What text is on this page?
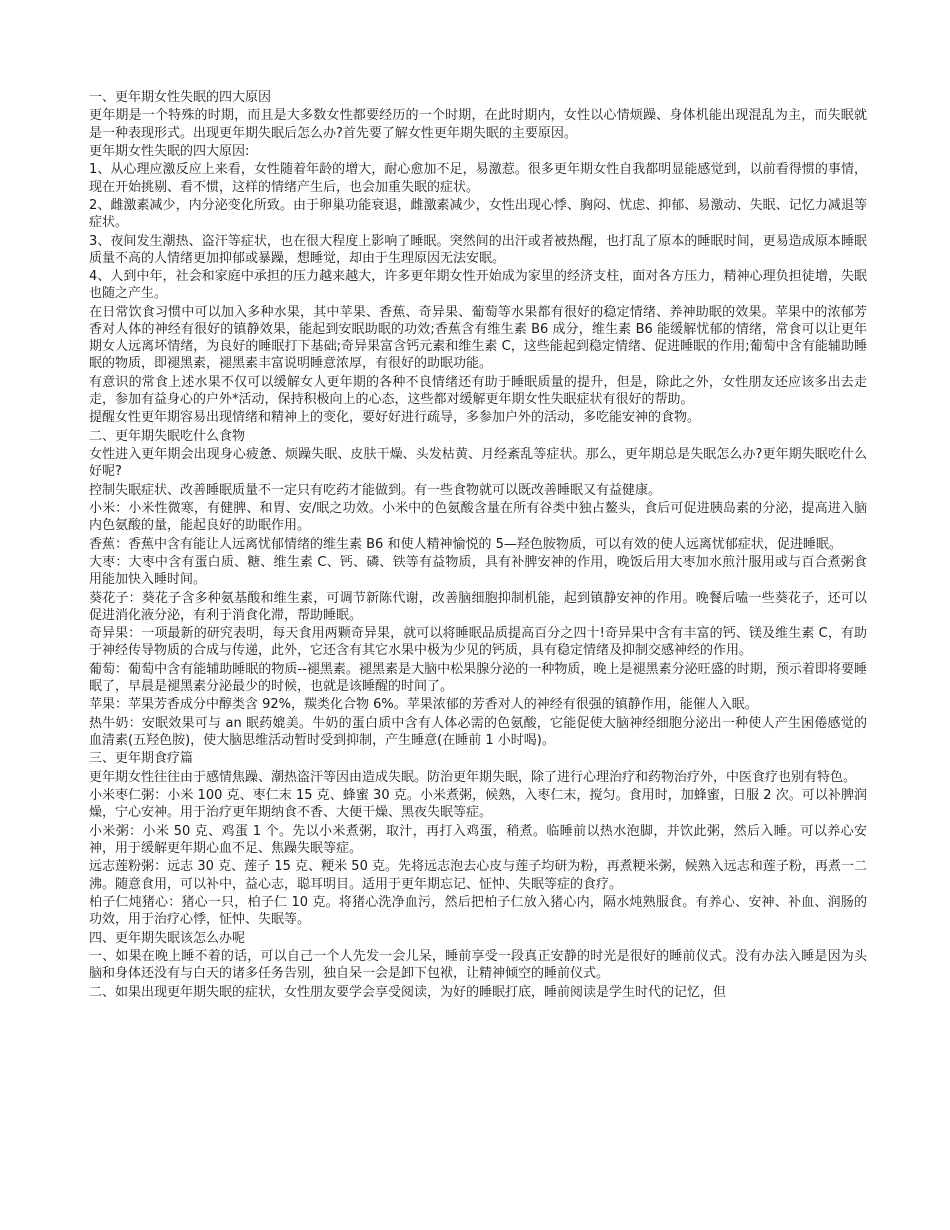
一、更年期女性失眠的四大原因

更年期是一个特殊的时期，而且是大多数女性都要经历的一个时期，在此时期内，女性以心情烦躁、身体机能出现混乱为主，而失眠就是一种表现形式。出现更年期失眠后怎么办?首先要了解女性更年期失眠的主要原因。

更年期女性失眠的四大原因:

1、从心理应激反应上来看，女性随着年龄的增大，耐心愈加不足，易激惹。很多更年期女性自我都明显能感觉到，以前看得惯的事情，现在开始挑剔、看不惯，这样的情绪产生后，也会加重失眠的症状。

2、雌激素减少，内分泌变化所致。由于卵巢功能衰退，雌激素减少，女性出现心悸、胸闷、忧虑、抑郁、易激动、失眠、记忆力减退等症状。

3、夜间发生潮热、盗汗等症状，也在很大程度上影响了睡眠。突然间的出汗或者被热醒，也打乱了原本的睡眠时间，更易造成原本睡眠质量不高的人情绪更加抑郁或暴躁，想睡觉，却由于生理原因无法安眠。

4、人到中年，社会和家庭中承担的压力越来越大，许多更年期女性开始成为家里的经济支柱，面对各方压力，精神心理负担徒增，失眠也随之产生。

在日常饮食习惯中可以加入多种水果，其中苹果、香蕉、奇异果、葡萄等水果都有很好的稳定情绪、养神助眠的效果。苹果中的浓郁芳香对人体的神经有很好的镇静效果，能起到安眠助眠的功效;香蕉含有维生素 B6 成分，维生素 B6 能缓解忧郁的情绪，常食可以让更年期女人远离坏情绪，为良好的睡眠打下基础;奇异果富含钙元素和维生素 C，这些能起到稳定情绪、促进睡眠的作用;葡萄中含有能辅助睡眠的物质，即褪黑素，褪黑素丰富说明睡意浓厚，有很好的助眠功能。

有意识的常食上述水果不仅可以缓解女人更年期的各种不良情绪还有助于睡眠质量的提升，但是，除此之外，女性朋友还应该多出去走走，参加有益身心的户外*活动，保持积极向上的心态，这些都对缓解更年期女性失眠症状有很好的帮助。

提醒女性更年期容易出现情绪和精神上的变化，要好好进行疏导，多参加户外的活动，多吃能安神的食物。

二、更年期失眠吃什么食物

女性进入更年期会出现身心疲惫、烦躁失眠、皮肤干燥、头发枯黄、月经紊乱等症状。那么，更年期总是失眠怎么办?更年期失眠吃什么好呢?

控制失眠症状、改善睡眠质量不一定只有吃药才能做到。有一些食物就可以既改善睡眠又有益健康。

小米：小米性微寒，有健脾、和胃、安/眠之功效。小米中的色氨酸含量在所有谷类中独占鳌头，食后可促进胰岛素的分泌，提高进入脑内色氨酸的量，能起良好的助眠作用。

香蕉：香蕉中含有能让人远离忧郁情绪的维生素 B6 和使人精神愉悦的 5—羟色胺物质，可以有效的使人远离忧郁症状，促进睡眠。

大枣：大枣中含有蛋白质、糖、维生素 C、钙、磷、铁等有益物质，具有补脾安神的作用，晚饭后用大枣加水煎汁服用或与百合煮粥食用能加快入睡时间。

葵花子：葵花子含多种氨基酸和维生素，可调节新陈代谢，改善脑细胞抑制机能，起到镇静安神的作用。晚餐后嗑一些葵花子，还可以促进消化液分泌，有利于消食化滞，帮助睡眠。

奇异果：一项最新的研究表明，每天食用两颗奇异果，就可以将睡眠品质提高百分之四十!奇异果中含有丰富的钙、镁及维生素 C，有助于神经传导物质的合成与传递，此外，它还含有其它水果中极为少见的钙质，具有稳定情绪及抑制交感神经的作用。

葡萄：葡萄中含有能辅助睡眠的物质--褪黑素。褪黑素是大脑中松果腺分泌的一种物质，晚上是褪黑素分泌旺盛的时期，预示着即将要睡眠了，早晨是褪黑素分泌最少的时候，也就是该睡醒的时间了。

苹果：苹果芳香成分中醇类含 92%，羰类化合物 6%。苹果浓郁的芳香对人的神经有很强的镇静作用，能催人入眠。

热牛奶：安眠效果可与 an 眠药媲美。牛奶的蛋白质中含有人体必需的色氨酸，它能促使大脑神经细胞分泌出一种使人产生困倦感觉的血清素(五羟色胺)，使大脑思维活动暂时受到抑制，产生睡意(在睡前 1 小时喝)。

三、更年期食疗篇

更年期女性往往由于感情焦躁、潮热盗汗等因由造成失眠。防治更年期失眠，除了进行心理治疗和药物治疗外，中医食疗也别有特色。

小米枣仁粥：小米 100 克、枣仁末 15 克、蜂蜜 30 克。小米煮粥，候熟，入枣仁末，搅匀。食用时，加蜂蜜，日服 2 次。可以补脾润燥，宁心安神。用于治疗更年期纳食不香、大便干燥、黑夜失眠等症。

小米粥：小米 50 克、鸡蛋 1 个。先以小米煮粥，取汁，再打入鸡蛋，稍煮。临睡前以热水泡脚，并饮此粥，然后入睡。可以养心安神，用于缓解更年期心血不足、焦躁失眠等症。

远志莲粉粥：远志 30 克、莲子 15 克、粳米 50 克。先将远志泡去心皮与莲子均研为粉，再煮粳米粥，候熟入远志和莲子粉，再煮一二沸。随意食用，可以补中，益心志，聪耳明目。适用于更年期忘记、怔忡、失眠等症的食疗。

柏子仁炖猪心：猪心一只，柏子仁 10 克。将猪心洗净血污，然后把柏子仁放入猪心内，隔水炖熟服食。有养心、安神、补血、润肠的功效，用于治疗心悸，怔忡、失眠等。

四、更年期失眠该怎么办呢

一、如果在晚上睡不着的话，可以自己一个人先发一会儿呆，睡前享受一段真正安静的时光是很好的睡前仪式。没有办法入睡是因为头脑和身体还没有与白天的诸多任务告别，独自呆一会是卸下包袱，让精神倾空的睡前仪式。

二、如果出现更年期失眠的症状，女性朋友要学会享受阅读，为好的睡眠打底，睡前阅读是学生时代的记忆，但
